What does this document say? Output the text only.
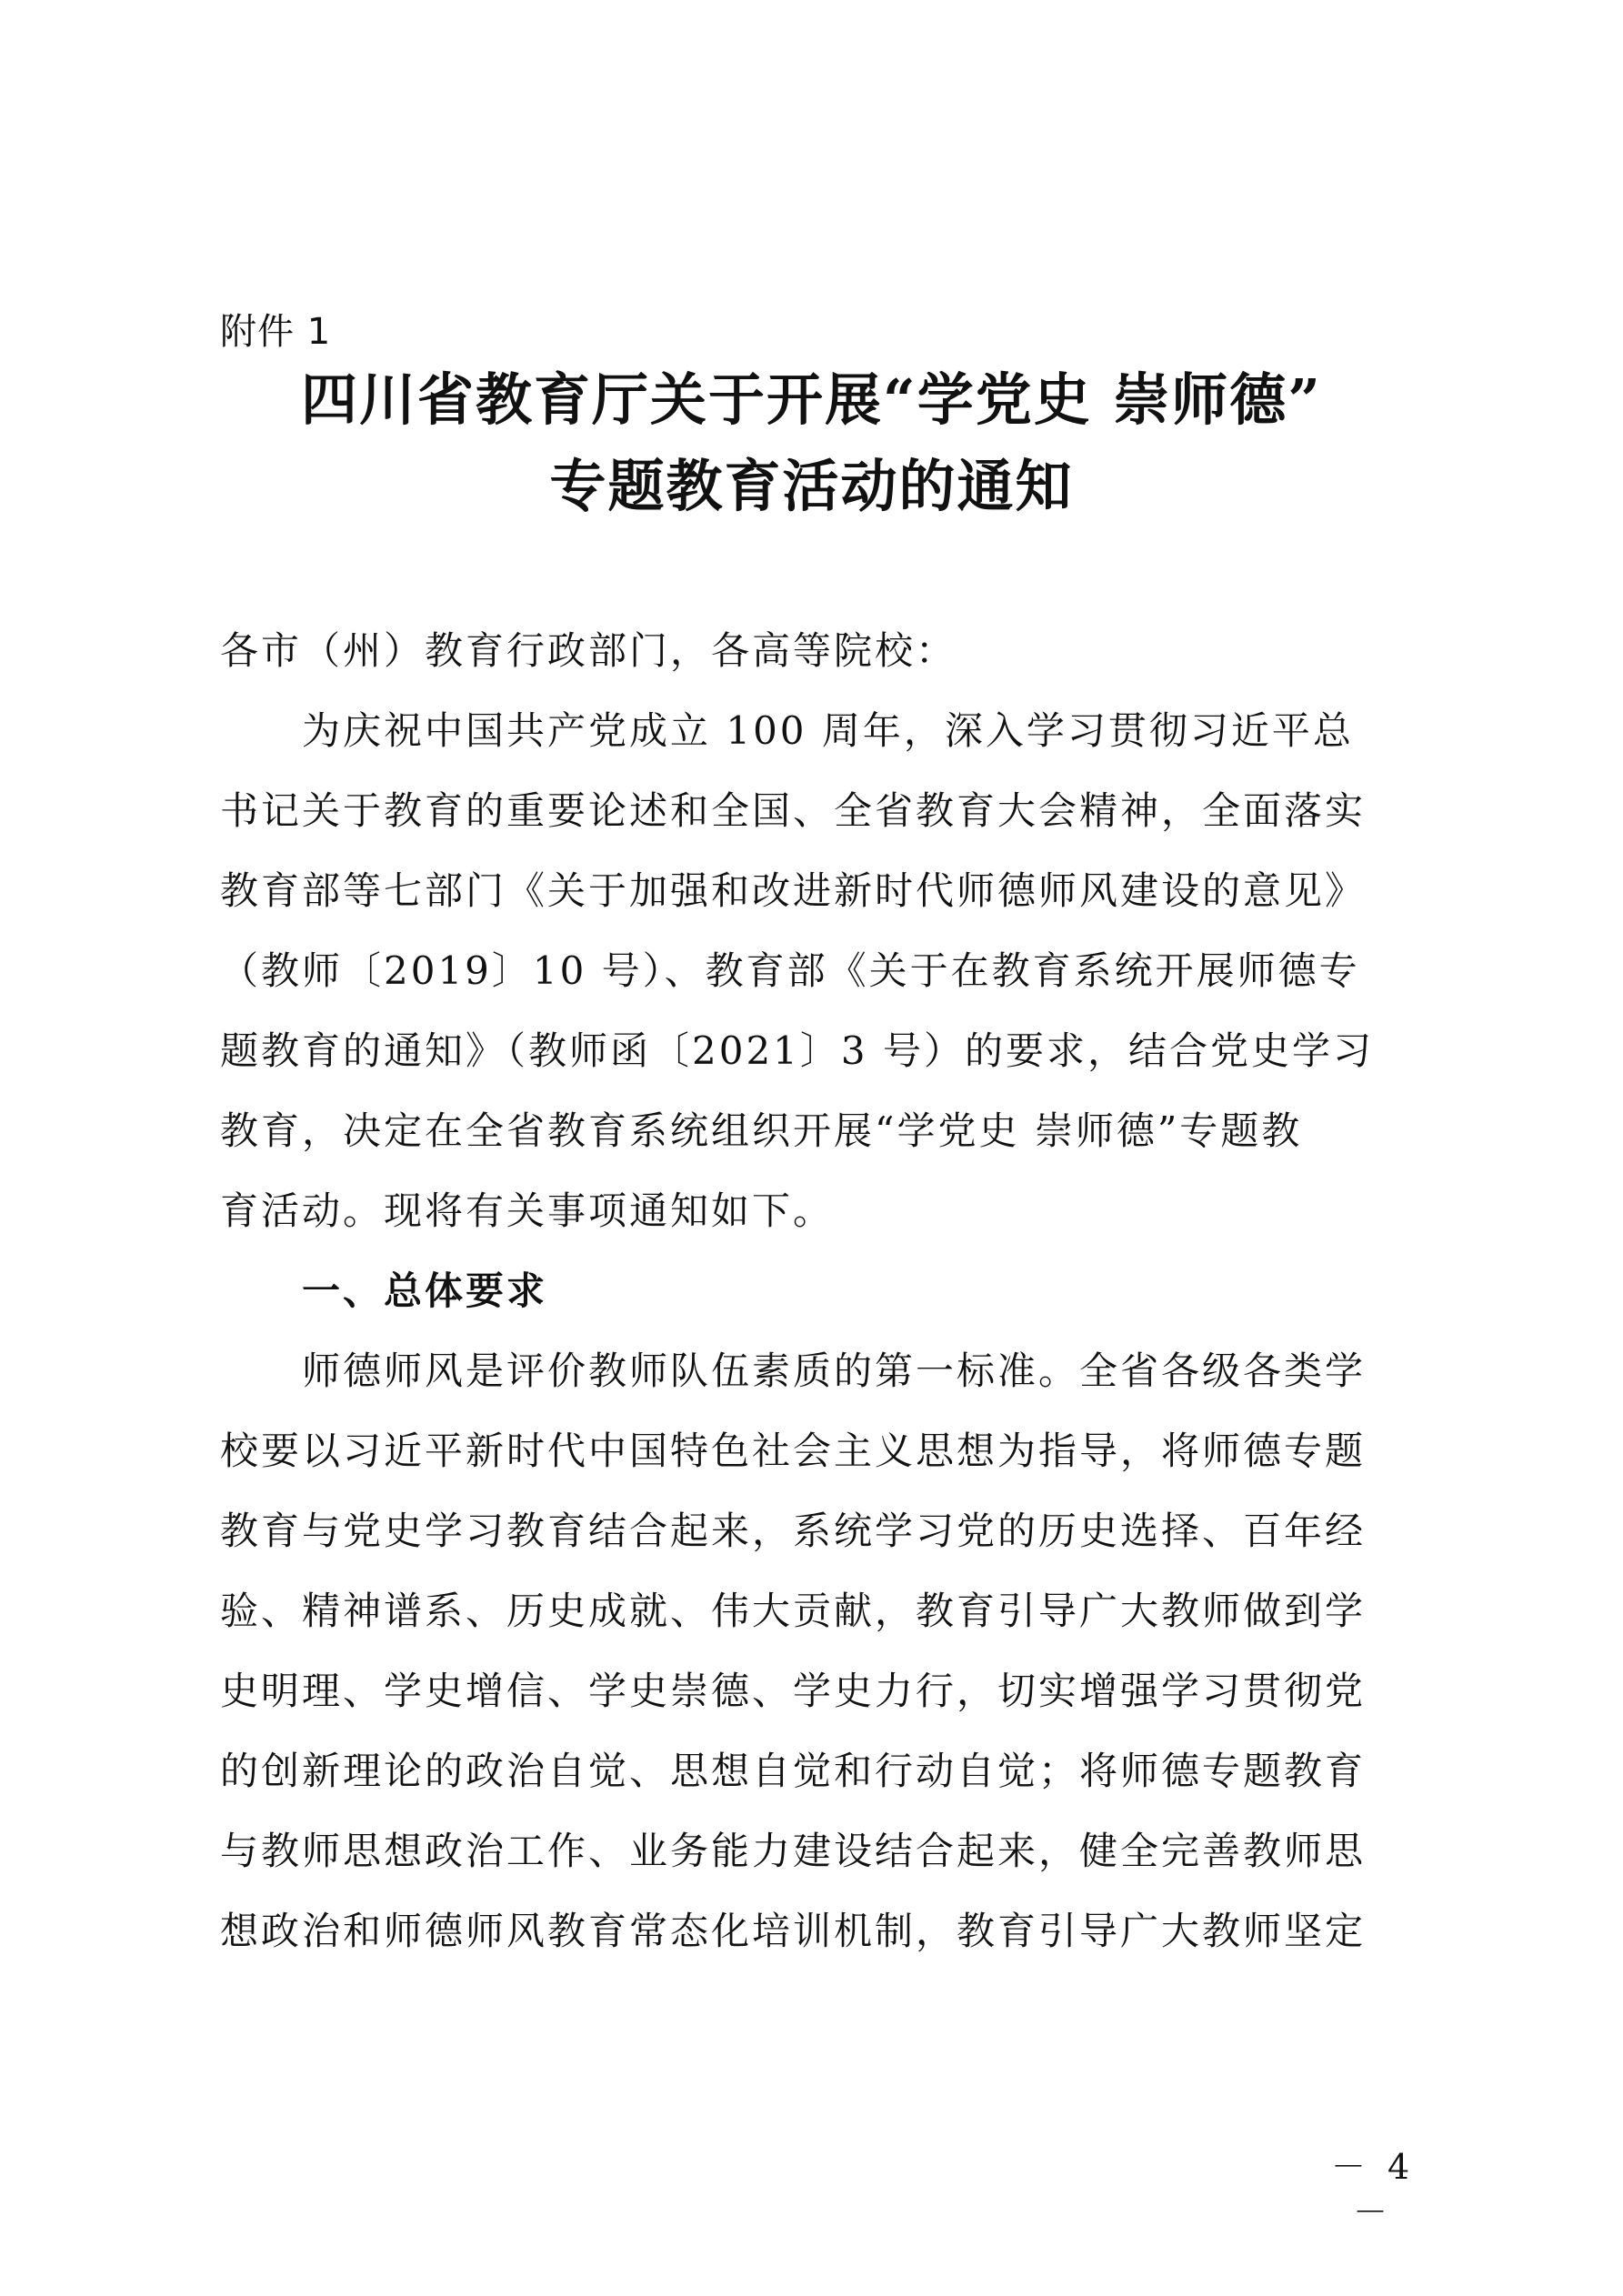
附件 1
四川省教育厅关于开展“学党史 崇师德”
专题教育活动的通知
各市（州）教育行政部门，各高等院校：
　　为庆祝中国共产党成立 100 周年，深入学习贯彻习近平总
书记关于教育的重要论述和全国、全省教育大会精神，全面落实
教育部等七部门《关于加强和改进新时代师德师风建设的意见》
（教师〔2019〕10 号）、教育部《关于在教育系统开展师德专
题教育的通知》（教师函〔2021〕3 号）的要求，结合党史学习
教育，决定在全省教育系统组织开展“学党史 崇师德”专题教
育活动。现将有关事项通知如下。
一、总体要求
　　师德师风是评价教师队伍素质的第一标准。全省各级各类学
校要以习近平新时代中国特色社会主义思想为指导，将师德专题
教育与党史学习教育结合起来，系统学习党的历史选择、百年经
验、精神谱系、历史成就、伟大贡献，教育引导广大教师做到学
史明理、学史增信、学史崇德、学史力行，切实增强学习贯彻党
的创新理论的政治自觉、思想自觉和行动自觉；将师德专题教育
与教师思想政治工作、业务能力建设结合起来，健全完善教师思
想政治和师德师风教育常态化培训机制，教育引导广大教师坚定
－ 4 －
